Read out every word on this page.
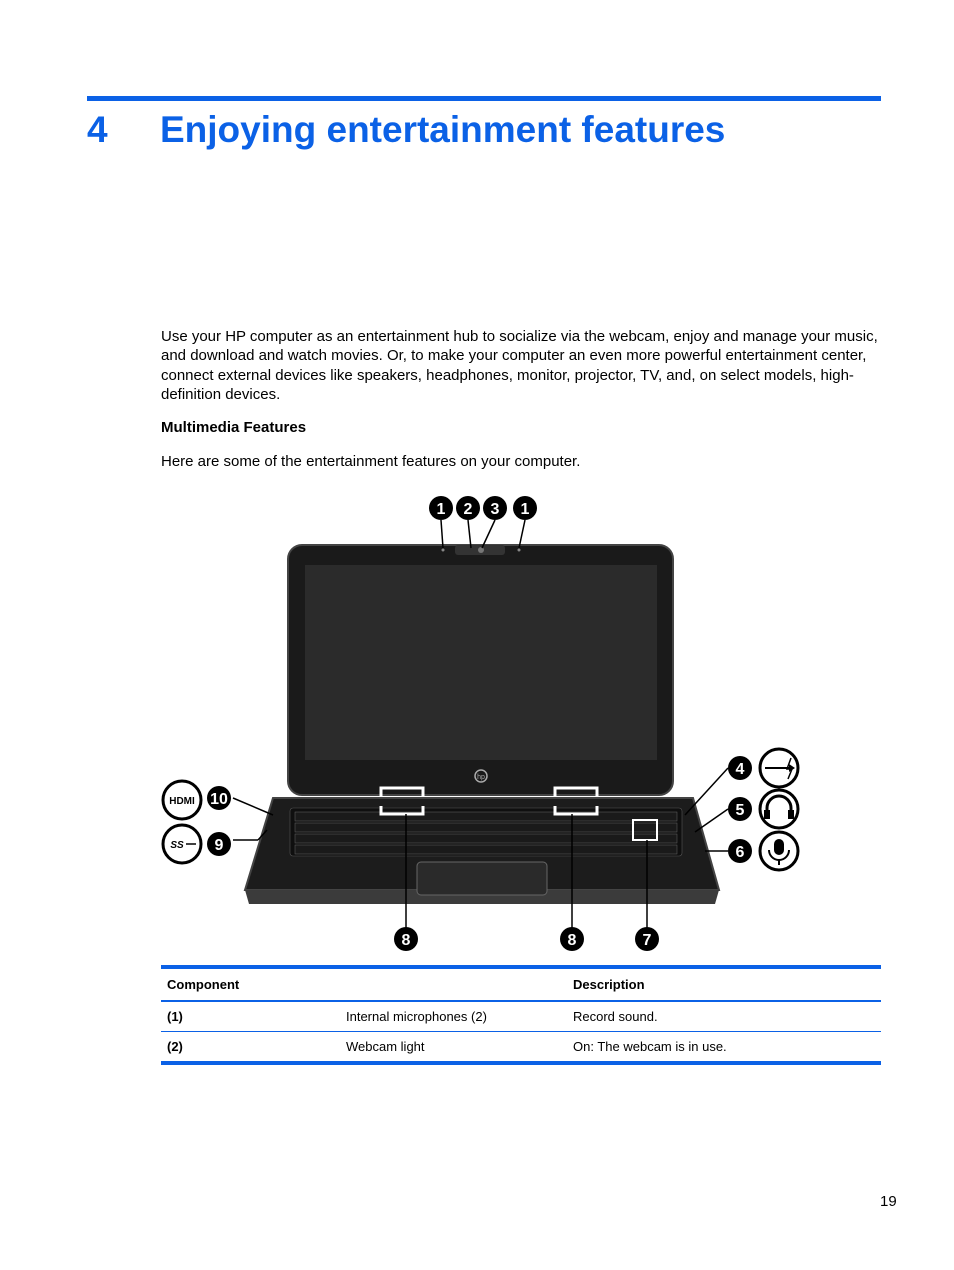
4 Enjoying entertainment features

Use your HP computer as an entertainment hub to socialize via the webcam, enjoy and manage your music, and download and watch movies. Or, to make your computer an even more powerful entertainment center, connect external devices like speakers, headphones, monitor, projector, TV, and, on select models, high-definition devices.

Multimedia Features

Here are some of the entertainment features on your computer.

hp
1 2 3 1
4
5
6
10
9
8	8	7
HDMI
SS
Component		Description
(1)	Internal microphones (2)	Record sound.
(2)	Webcam light	On: The webcam is in use.
19
